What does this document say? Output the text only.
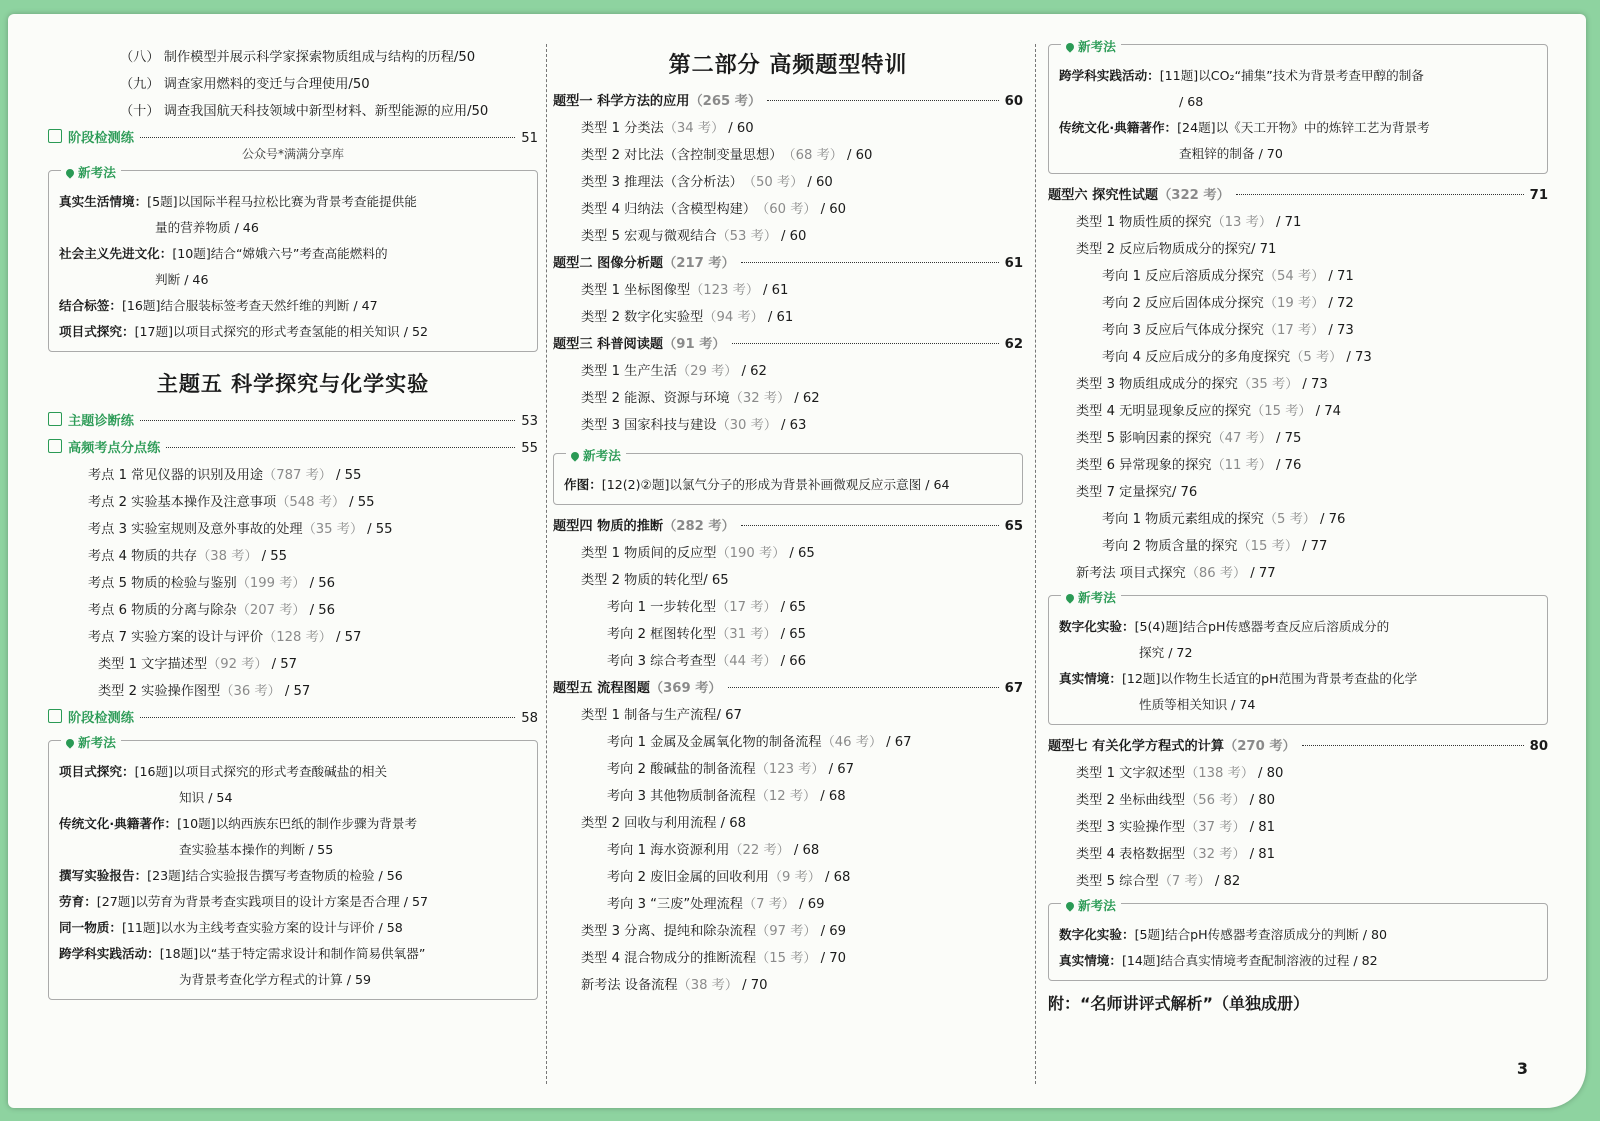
（八） 制作模型并展示科学家探索物质组成与结构的历程 / 50
（九） 调查家用燃料的变迁与合理使用 / 50
（十） 调查我国航天科技领域中新型材料、新型能源的应用 / 50
阶段检测练	51
公众号*满满分享库
新考法
真实生活情境：[5题]以国际半程马拉松比赛为背景考查能提供能
量的营养物质 / 46
社会主义先进文化：[10题]结合“嫦娥六号”考查高能燃料的
判断 / 46
结合标签：[16题]结合服装标签考查天然纤维的判断 / 47
项目式探究：[17题]以项目式探究的形式考查氢能的相关知识 / 52
主题五 科学探究与化学实验
主题诊断练	53
高频考点分点练	55
考点 1 常见仪器的识别及用途 （787 考） / 55
考点 2 实验基本操作及注意事项 （548 考） / 55
考点 3 实验室规则及意外事故的处理 （35 考） / 55
考点 4 物质的共存 （38 考） / 55
考点 5 物质的检验与鉴别 （199 考） / 56
考点 6 物质的分离与除杂 （207 考） / 56
考点 7 实验方案的设计与评价 （128 考） / 57
类型 1 文字描述型 （92 考） / 57
类型 2 实验操作图型 （36 考） / 57
阶段检测练	58
新考法
项目式探究：[16题]以项目式探究的形式考查酸碱盐的相关
知识 / 54
传统文化·典籍著作：[10题]以纳西族东巴纸的制作步骤为背景考
查实验基本操作的判断 / 55
撰写实验报告：[23题]结合实验报告撰写考查物质的检验 / 56
劳育：[27题]以劳育为背景考查实践项目的设计方案是否合理 / 57
同一物质：[11题]以水为主线考查实验方案的设计与评价 / 58
跨学科实践活动：[18题]以“基于特定需求设计和制作简易供氧器”
为背景考查化学方程式的计算 / 59
第二部分 高频题型特训
题型一 科学方法的应用 （265 考）	60
类型 1 分类法 （34 考） / 60
类型 2 对比法（含控制变量思想） （68 考） / 60
类型 3 推理法（含分析法） （50 考） / 60
类型 4 归纳法（含模型构建） （60 考） / 60
类型 5 宏观与微观结合 （53 考） / 60
题型二 图像分析题 （217 考）	61
类型 1 坐标图像型 （123 考） / 61
类型 2 数字化实验型 （94 考） / 61
题型三 科普阅读题 （91 考）	62
类型 1 生产生活 （29 考） / 62
类型 2 能源、资源与环境 （32 考） / 62
类型 3 国家科技与建设 （30 考） / 63
新考法
作图：[12(2)②题]以氯气分子的形成为背景补画微观反应示意图 / 64
题型四 物质的推断 （282 考）	65
类型 1 物质间的反应型 （190 考） / 65
类型 2 物质的转化型/ 65
考向 1 一步转化型 （17 考） / 65
考向 2 框图转化型 （31 考） / 65
考向 3 综合考查型 （44 考） / 66
题型五 流程图题 （369 考）	67
类型 1 制备与生产流程/ 67
考向 1 金属及金属氧化物的制备流程 （46 考） / 67
考向 2 酸碱盐的制备流程 （123 考） / 67
考向 3 其他物质制备流程 （12 考） / 68
类型 2 回收与利用流程 / 68
考向 1 海水资源利用 （22 考） / 68
考向 2 废旧金属的回收利用 （9 考） / 68
考向 3 “三废”处理流程 （7 考） / 69
类型 3 分离、提纯和除杂流程 （97 考） / 69
类型 4 混合物成分的推断流程 （15 考） / 70
新考法 设备流程 （38 考） / 70
新考法
跨学科实践活动：[11题]以CO₂“捕集”技术为背景考查甲醇的制备
/ 68
传统文化·典籍著作：[24题]以《天工开物》中的炼锌工艺为背景考
查粗锌的制备 / 70
题型六 探究性试题 （322 考）	71
类型 1 物质性质的探究 （13 考） / 71
类型 2 反应后物质成分的探究/ 71
考向 1 反应后溶质成分探究 （54 考） / 71
考向 2 反应后固体成分探究 （19 考） / 72
考向 3 反应后气体成分探究 （17 考） / 73
考向 4 反应后成分的多角度探究 （5 考） / 73
类型 3 物质组成成分的探究 （35 考） / 73
类型 4 无明显现象反应的探究 （15 考） / 74
类型 5 影响因素的探究 （47 考） / 75
类型 6 异常现象的探究 （11 考） / 76
类型 7 定量探究/ 76
考向 1 物质元素组成的探究 （5 考） / 76
考向 2 物质含量的探究 （15 考） / 77
新考法 项目式探究 （86 考） / 77
新考法
数字化实验：[5(4)题]结合pH传感器考查反应后溶质成分的
探究 / 72
真实情境：[12题]以作物生长适宜的pH范围为背景考查盐的化学
性质等相关知识 / 74
题型七 有关化学方程式的计算 （270 考）	80
类型 1 文字叙述型 （138 考） / 80
类型 2 坐标曲线型 （56 考） / 80
类型 3 实验操作型 （37 考） / 81
类型 4 表格数据型 （32 考） / 81
类型 5 综合型 （7 考） / 82
新考法
数字化实验：[5题]结合pH传感器考查溶质成分的判断 / 80
真实情境：[14题]结合真实情境考查配制溶液的过程 / 82
附：“名师讲评式解析”（单独成册）
3
